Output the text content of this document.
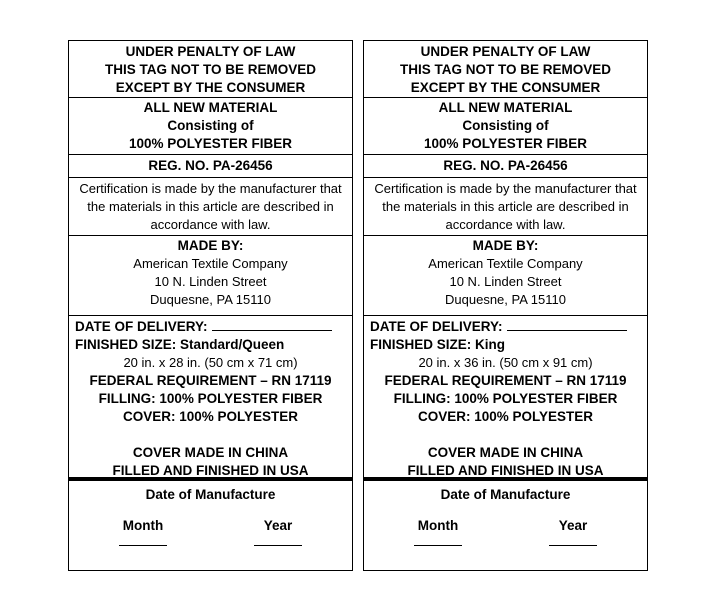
UNDER PENALTY OF LAW
THIS TAG NOT TO BE REMOVED
EXCEPT BY THE CONSUMER
ALL NEW MATERIAL
Consisting of
100% POLYESTER FIBER
REG. NO. PA-26456
Certification is made by the manufacturer that
the materials in this article are described in
accordance with law.
MADE BY:
American Textile Company
10 N. Linden Street
Duquesne, PA 15110
DATE OF DELIVERY:
FINISHED SIZE: Standard/Queen
20 in. x 28 in. (50 cm x 71 cm)
FEDERAL REQUIREMENT – RN 17119
FILLING: 100% POLYESTER FIBER
COVER: 100% POLYESTER
COVER MADE IN CHINA
FILLED AND FINISHED IN USA
Date of Manufacture
Month	Year
UNDER PENALTY OF LAW
THIS TAG NOT TO BE REMOVED
EXCEPT BY THE CONSUMER
ALL NEW MATERIAL
Consisting of
100% POLYESTER FIBER
REG. NO. PA-26456
Certification is made by the manufacturer that
the materials in this article are described in
accordance with law.
MADE BY:
American Textile Company
10 N. Linden Street
Duquesne, PA 15110
DATE OF DELIVERY:
FINISHED SIZE: King
20 in. x 36 in. (50 cm x 91 cm)
FEDERAL REQUIREMENT – RN 17119
FILLING: 100% POLYESTER FIBER
COVER: 100% POLYESTER
COVER MADE IN CHINA
FILLED AND FINISHED IN USA
Date of Manufacture
Month	Year
